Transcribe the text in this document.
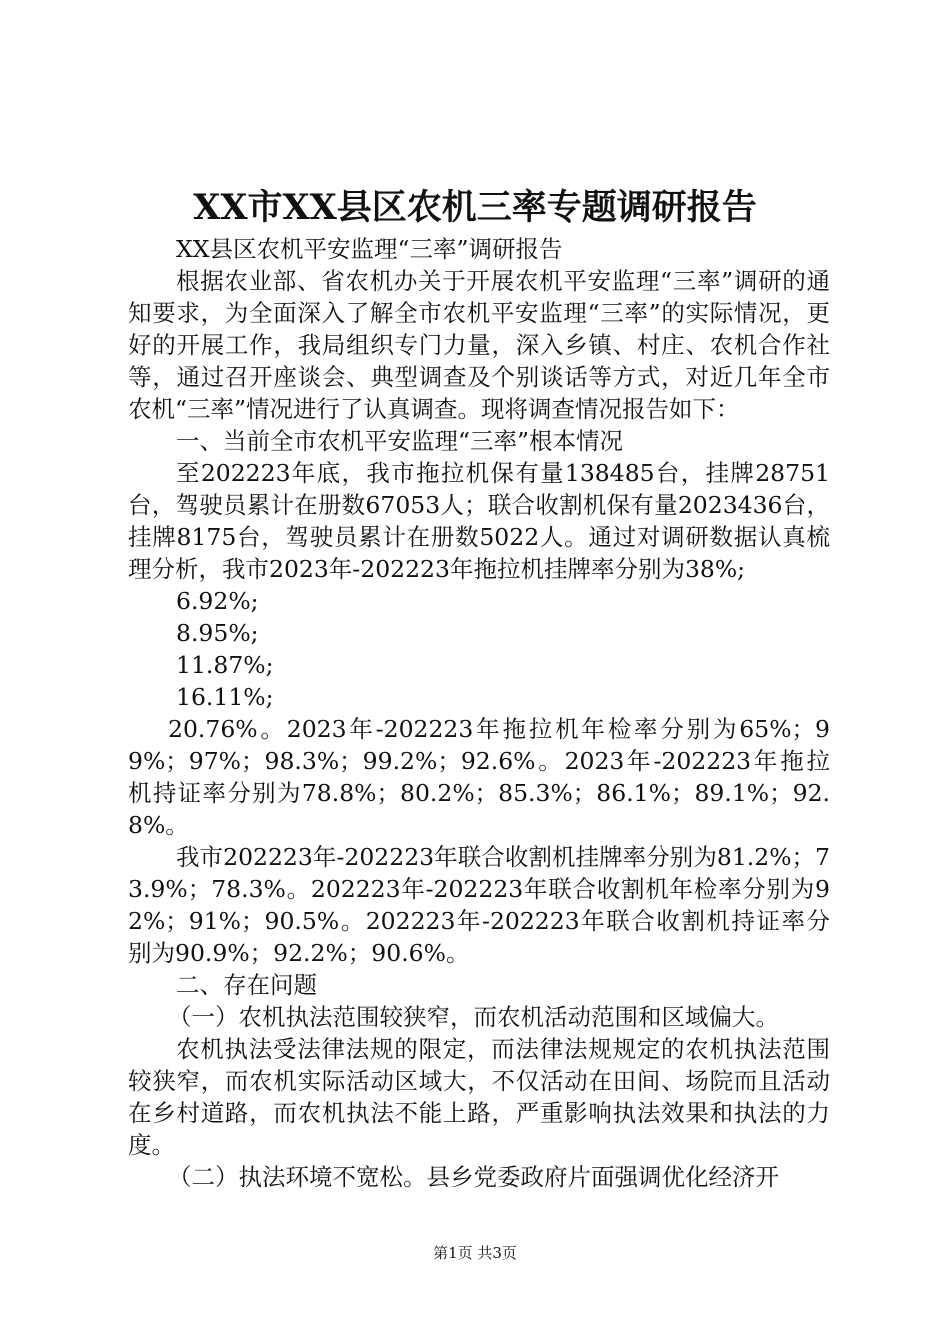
XX市XX县区农机三率专题调研报告

XX县区农机平安监理“三率”调研报告

根据农业部、省农机办关于开展农机平安监理“三率”调研的通知要求，为全面深入了解全市农机平安监理“三率”的实际情况，更好的开展工作，我局组织专门力量，深入乡镇、村庄、农机合作社等，通过召开座谈会、典型调查及个别谈话等方式，对近几年全市农机“三率”情况进行了认真调查。现将调查情况报告如下：

一、当前全市农机平安监理“三率”根本情况

至202223年底，我市拖拉机保有量138485台，挂牌28751台，驾驶员累计在册数67053人；联合收割机保有量2023436台，挂牌8175台，驾驶员累计在册数5022人。通过对调研数据认真梳理分析，我市2023年-202223年拖拉机挂牌率分别为38%;

6.92%;

8.95%;

11.87%;

16.11%;

20.76%。2023年-202223年拖拉机年检率分别为65%；99%；97%；98.3%；99.2%；92.6%。2023年-202223年拖拉机持证率分别为78.8%；80.2%；85.3%；86.1%；89.1%；92.8%。

我市202223年-202223年联合收割机挂牌率分别为81.2%；73.9%；78.3%。202223年-202223年联合收割机年检率分别为92%；91%；90.5%。202223年-202223年联合收割机持证率分别为90.9%；92.2%；90.6%。

二、存在问题

（一）农机执法范围较狭窄，而农机活动范围和区域偏大。

农机执法受法律法规的限定，而法律法规规定的农机执法范围较狭窄，而农机实际活动区域大，不仅活动在田间、场院而且活动在乡村道路，而农机执法不能上路，严重影响执法效果和执法的力度。

（二）执法环境不宽松。县乡党委政府片面强调优化经济开

第1页 共3页
